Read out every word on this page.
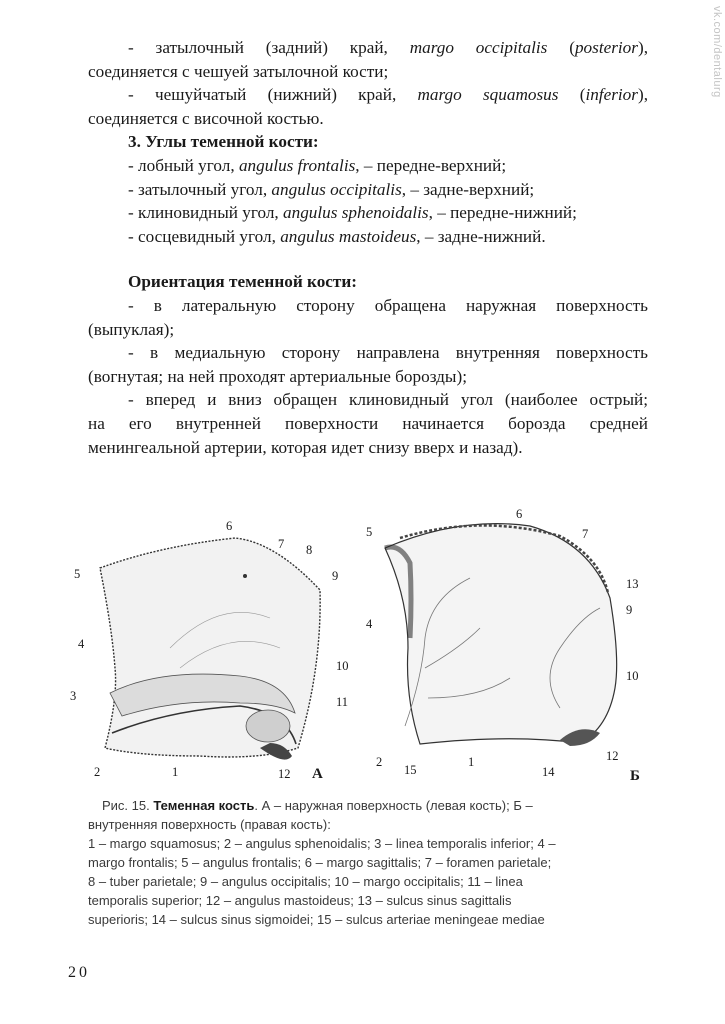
vk.com/dentalurg

- затылочный (задний) край, margo occipitalis (posterior),

соединяется с чешуей затылочной кости;

- чешуйчатый (нижний) край, margo squamosus (inferior),

соединяется с височной костью.

3. Углы теменной кости:

- лобный угол, angulus frontalis, – передне-верхний;

- затылочный угол, angulus occipitalis, – задне-верхний;

- клиновидный угол, angulus sphenoidalis, – передне-нижний;

- сосцевидный угол, angulus mastoideus, – задне-нижний.

Ориентация теменной кости:

- в латеральную сторону обращена наружная поверхность

(выпуклая);

- в медиальную сторону направлена внутренняя поверхность

(вогнутая; на ней проходят артериальные борозды);

- вперед и вниз обращен клиновидный угол (наиболее острый;

на его внутренней поверхности начинается борозда средней

менингеальной артерии, которая идет снизу вверх и назад).

1
2
3
4
5
6
7 8
9
10
11
12 А
1
2
4
5
6
7
9
10
12
13
14
15	Б
Рис. 15. Теменная кость. А – наружная поверхность (левая кость); Б –
внутренняя поверхность (правая кость):
1 – margo squamosus; 2 – angulus sphenoidalis; 3 – linea temporalis inferior; 4 –
margo frontalis; 5 – angulus frontalis; 6 – margo sagittalis; 7 – foramen parietale;
8 – tuber parietale; 9 – angulus occipitalis; 10 – margo occipitalis; 11 – linea
temporalis superior; 12 – angulus mastoideus; 13 – sulcus sinus sagittalis
superioris; 14 – sulcus sinus sigmoidei; 15 – sulcus arteriae meningeae mediae
20
